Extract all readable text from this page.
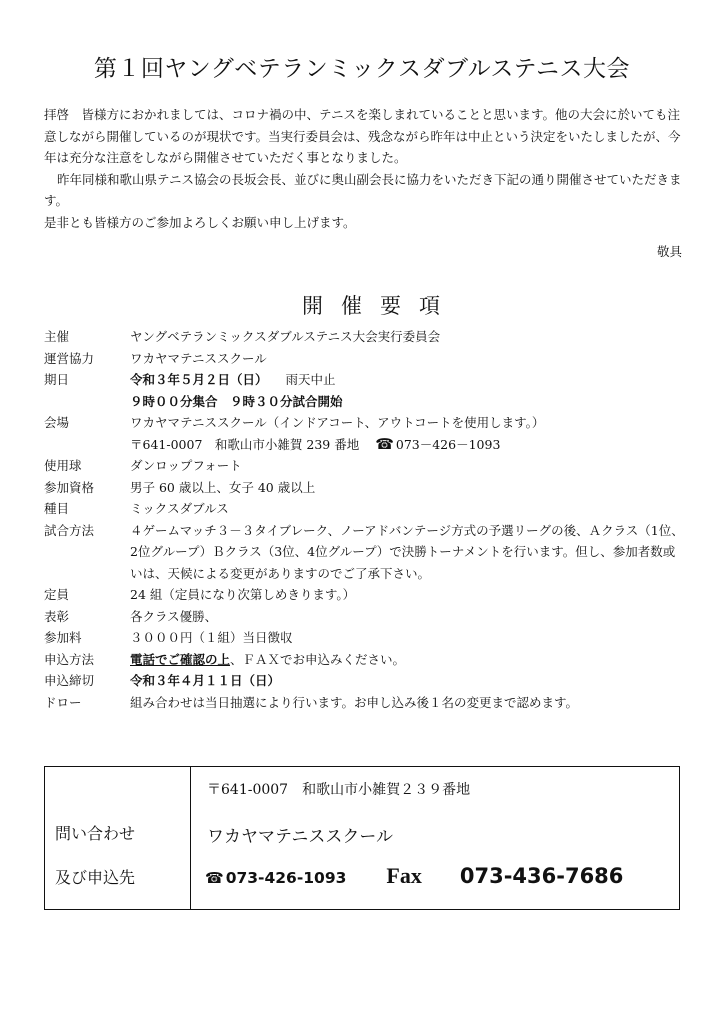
第１回ヤングベテランミックスダブルステニス大会

拝啓　皆様方におかれましては、コロナ禍の中、テニスを楽しまれていることと思います。他の大会に於いても注意しながら開催しているのが現状です。当実行委員会は、残念ながら昨年は中止という決定をいたしましたが、今年は充分な注意をしながら開催させていただく事となりました。

昨年同様和歌山県テニス協会の長坂会長、並びに奥山副会長に協力をいただき下記の通り開催させていただきます。

是非とも皆様方のご参加よろしくお願い申し上げます。

敬具
開催要項
主催	ヤングベテランミックスダブルステニス大会実行委員会
運営協力	ワカヤマテニススクール
期日	令和３年５月２日（日） 雨天中止
９時００分集合　９時３０分試合開始
会場	ワカヤマテニススクール（インドアコート、アウトコートを使用します。）
〒641-0007　和歌山市小雑賀 239 番地 ☎ 073－426－1093
使用球	ダンロップフォート
参加資格	男子 60 歳以上、女子 40 歳以上
種目	ミックスダブルス
試合方法	４ゲームマッチ３－３タイブレーク、ノーアドバンテージ方式の予選リーグの後、Ａクラス（1位、2位グループ）Ｂクラス（3位、4位グループ）で決勝トーナメントを行います。但し、参加者数或いは、天候による変更がありますのでご了承下さい。
定員	24 組（定員になり次第しめきります。）
表彰	各クラス優勝、
参加料	３０００円（１組）当日徴収
申込方法	電話でご確認の上、ＦＡＸでお申込みください。
申込締切	令和３年４月１１日（日）
ドロー	組み合わせは当日抽選により行います。お申し込み後１名の変更まで認めます。
問い合わせ
及び申込先
〒641-0007　和歌山市小雑賀２３９番地
ワカヤマテニススクール
☎ 073-426-1093 Fax 073-436-7686
